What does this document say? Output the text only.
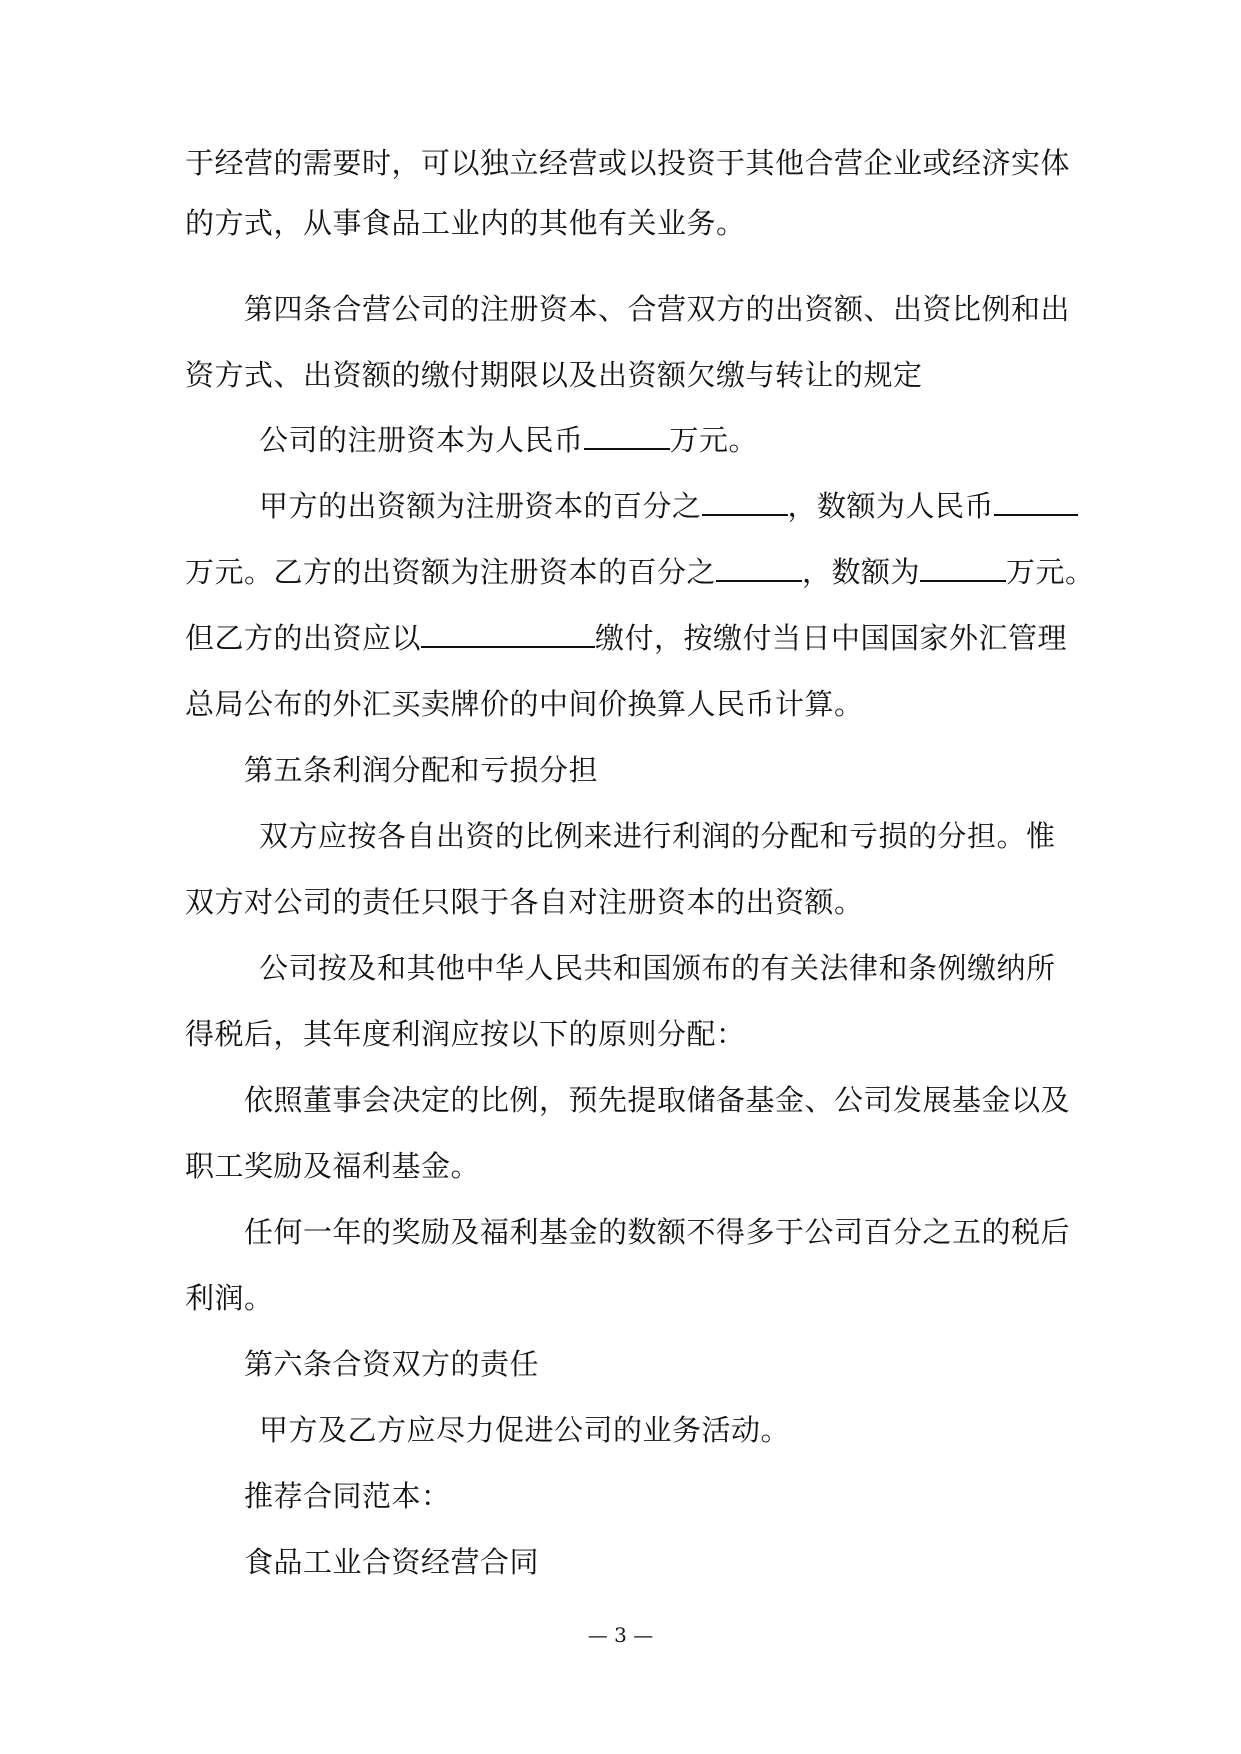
于经营的需要时，可以独立经营或以投资于其他合营企业或经济实体
的方式，从事食品工业内的其他有关业务。
第四条合营公司的注册资本、合营双方的出资额、出资比例和出
资方式、出资额的缴付期限以及出资额欠缴与转让的规定
公司的注册资本为人民币	万元。
甲方的出资额为注册资本的百分之	，数额为人民币
万元。乙方的出资额为注册资本的百分之	，数额为	万元。
但乙方的出资应以	缴付，按缴付当日中国国家外汇管理
总局公布的外汇买卖牌价的中间价换算人民币计算。
第五条利润分配和亏损分担
双方应按各自出资的比例来进行利润的分配和亏损的分担。惟
双方对公司的责任只限于各自对注册资本的出资额。
公司按及和其他中华人民共和国颁布的有关法律和条例缴纳所
得税后，其年度利润应按以下的原则分配：
依照董事会决定的比例，预先提取储备基金、公司发展基金以及
职工奖励及福利基金。
任何一年的奖励及福利基金的数额不得多于公司百分之五的税后
利润。
第六条合资双方的责任
甲方及乙方应尽力促进公司的业务活动。
推荐合同范本：
食品工业合资经营合同
— 3 —
